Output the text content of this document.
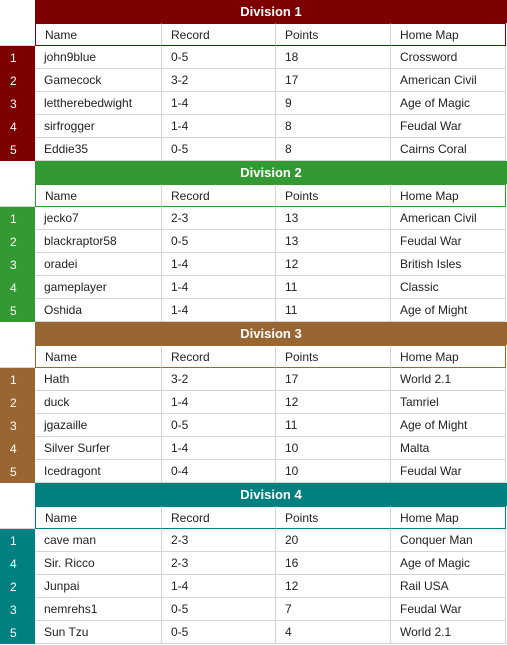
Division 1
Name	Record	Points	Home Map
1	john9blue	0-5	18	Crossword
2	Gamecock	3-2	17	American Civil
3	lettherebedwight	1-4	9	Age of Magic
4	sirfrogger	1-4	8	Feudal War
5	Eddie35	0-5	8	Cairns Coral
Division 2
Name	Record	Points	Home Map
1	jecko7	2-3	13	American Civil
2	blackraptor58	0-5	13	Feudal War
3	oradei	1-4	12	British Isles
4	gameplayer	1-4	11	Classic
5	Oshida	1-4	11	Age of Might
Division 3
Name	Record	Points	Home Map
1	Hath	3-2	17	World 2.1
2	duck	1-4	12	Tamriel
3	jgazaille	0-5	11	Age of Might
4	Silver Surfer	1-4	10	Malta
5	Icedragont	0-4	10	Feudal War
Division 4
Name	Record	Points	Home Map
1	cave man	2-3	20	Conquer Man
4	Sir. Ricco	2-3	16	Age of Magic
2	Junpai	1-4	12	Rail USA
3	nemrehs1	0-5	7	Feudal War
5	Sun Tzu	0-5	4	World 2.1
